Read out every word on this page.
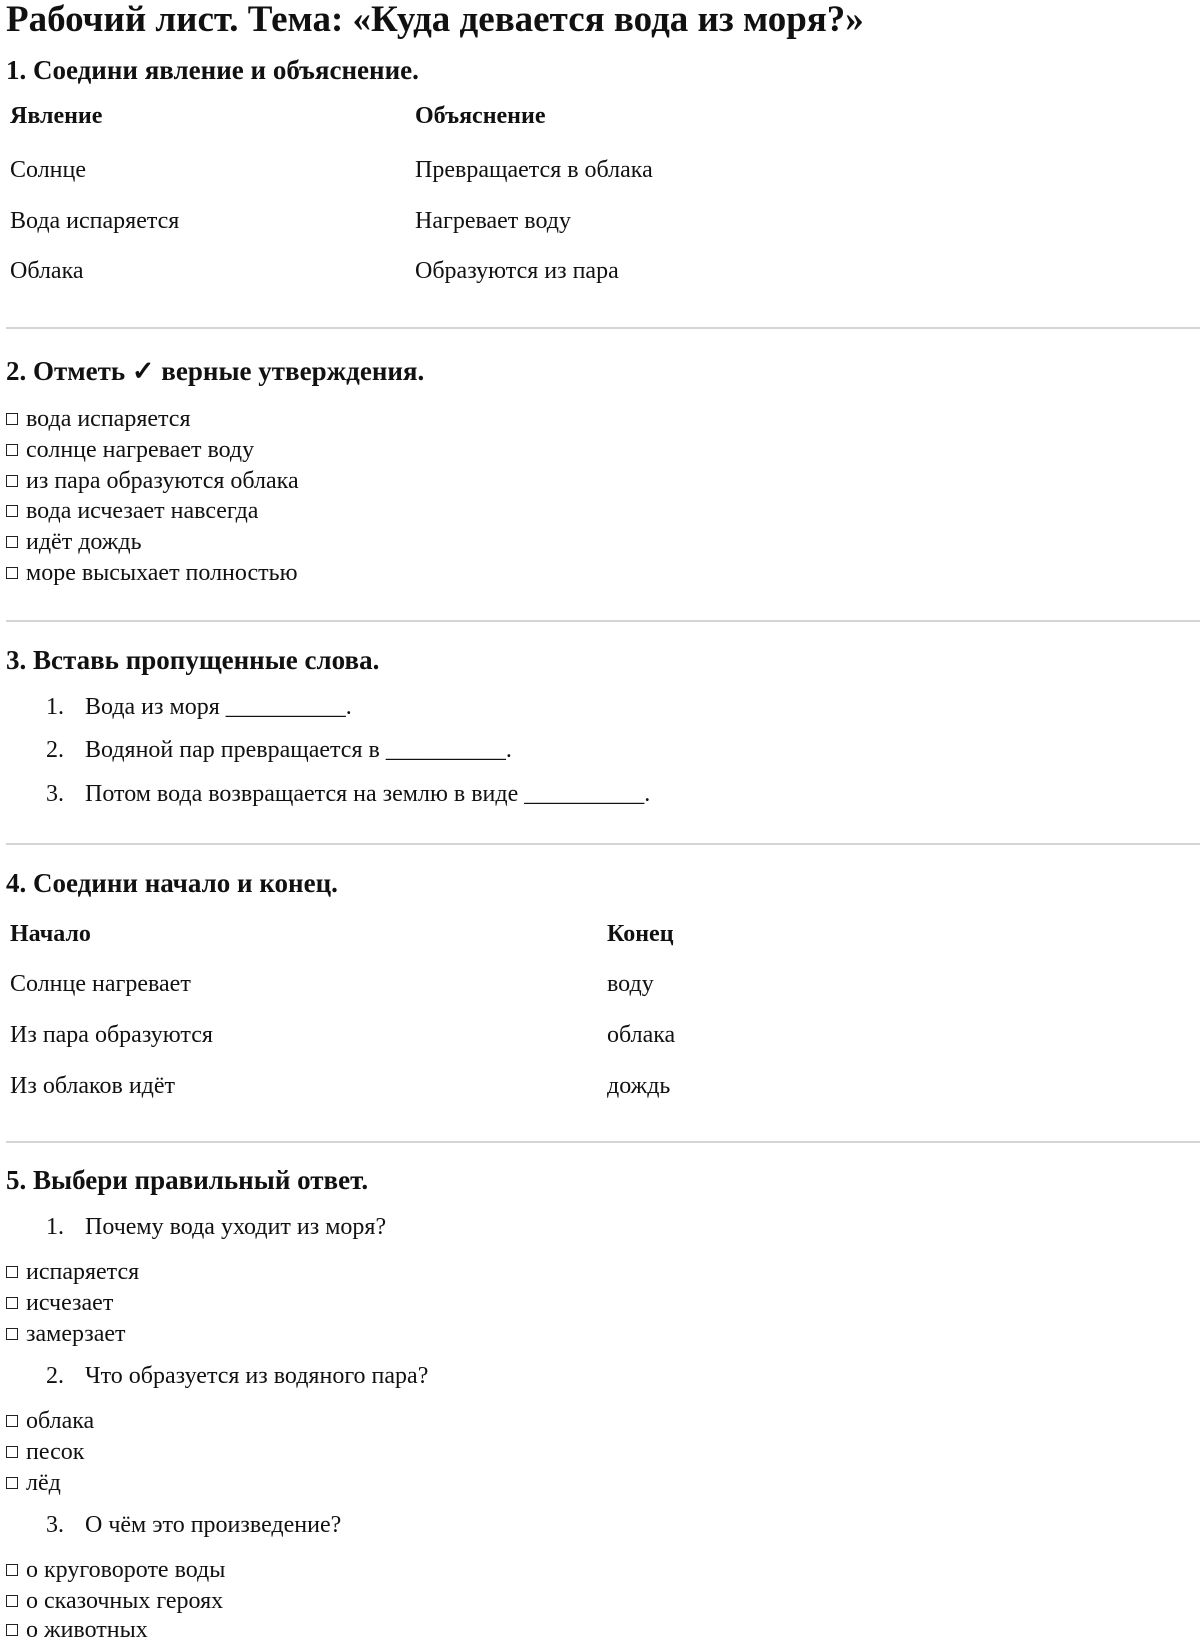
Рабочий лист. Тема: «Куда девается вода из моря?»
1. Соедини явление и объяснение.
Явление	Объяснение
Солнце	Превращается в облака
Вода испаряется	Нагревает воду
Облака	Образуются из пара
2. Отметь ✓ верные утверждения.
вода испаряется
солнце нагревает воду
из пара образуются облака
вода исчезает навсегда
идёт дождь
море высыхает полностью
3. Вставь пропущенные слова.
1. Вода из моря __________.
2. Водяной пар превращается в __________.
3. Потом вода возвращается на землю в виде __________.
4. Соедини начало и конец.
Начало	Конец
Солнце нагревает	воду
Из пара образуются	облака
Из облаков идёт	дождь
5. Выбери правильный ответ.
1. Почему вода уходит из моря?
испаряется
исчезает
замерзает
2. Что образуется из водяного пара?
облака
песок
лёд
3. О чём это произведение?
о круговороте воды
о сказочных героях
о животных
